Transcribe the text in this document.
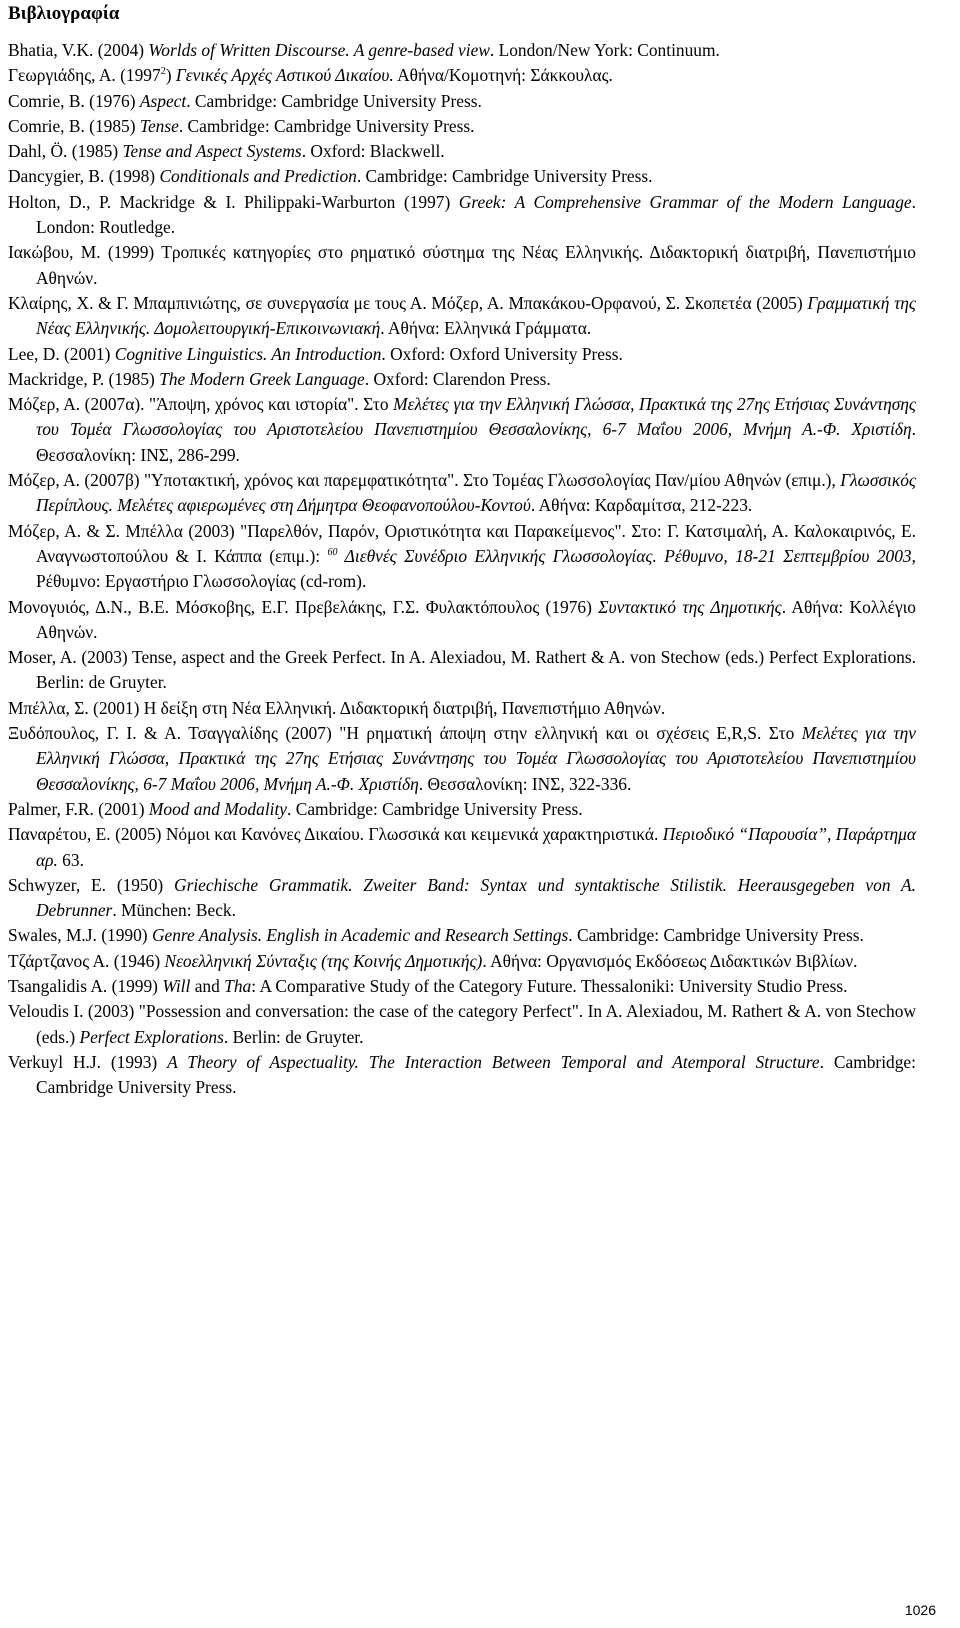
Βιβλιογραφία

Bhatia, V.K. (2004) Worlds of Written Discourse. A genre-based view. London/New York: Continuum.

Γεωργιάδης, Α. (1997$^2$) Γενικές Αρχές Αστικού Δικαίου. Αθήνα/Κομοτηνή: Σάκκουλας.

Comrie, B. (1976) Aspect. Cambridge: Cambridge University Press.

Comrie, B. (1985) Tense. Cambridge: Cambridge University Press.

Dahl, Ö. (1985) Tense and Aspect Systems. Oxford: Blackwell.

Dancygier, B. (1998) Conditionals and Prediction. Cambridge: Cambridge University Press.

Holton, D., P. Mackridge & I. Philippaki-Warburton (1997) Greek: A Comprehensive Grammar of the Modern Language. London: Routledge.

Ιακώβου, Μ. (1999) Τροπικές κατηγορίες στο ρηματικό σύστημα της Νέας Ελληνικής. Διδακτορική διατριβή, Πανεπιστήμιο Αθηνών.

Κλαίρης, Χ. & Γ. Μπαμπινιώτης, σε συνεργασία με τους Α. Μόζερ, Α. Μπακάκου-Ορφανού, Σ. Σκοπετέα (2005) Γραμματική της Νέας Ελληνικής. Δομολειτουργική-Επικοινωνιακή. Αθήνα: Ελληνικά Γράμματα.

Lee, D. (2001) Cognitive Linguistics. An Introduction. Oxford: Oxford University Press.

Mackridge, P. (1985) The Modern Greek Language. Oxford: Clarendon Press.

Μόζερ, Α. (2007α). "Άποψη, χρόνος και ιστορία". Στο Μελέτες για την Ελληνική Γλώσσα, Πρακτικά της 27ης Ετήσιας Συνάντησης του Τομέα Γλωσσολογίας του Αριστοτελείου Πανεπιστημίου Θεσσαλονίκης, 6-7 Μαΐου 2006, Μνήμη Α.-Φ. Χριστίδη. Θεσσαλονίκη: ΙΝΣ, 286-299.

Μόζερ, Α. (2007β) "Υποτακτική, χρόνος και παρεμφατικότητα". Στο Τομέας Γλωσσολογίας Παν/μίου Αθηνών (επιμ.), Γλωσσικός Περίπλους. Μελέτες αφιερωμένες στη Δήμητρα Θεοφανοπούλου-Κοντού. Αθήνα: Καρδαμίτσα, 212-223.

Μόζερ, Α. & Σ. Μπέλλα (2003) "Παρελθόν, Παρόν, Οριστικότητα και Παρακείμενος". Στο: Γ. Κατσιμαλή, Α. Καλοκαιρινός, Ε. Αναγνωστοπούλου & Ι. Κάππα (επιμ.): $^{60}$ Διεθνές Συνέδριο Ελληνικής Γλωσσολογίας. Ρέθυμνο, 18-21 Σεπτεμβρίου 2003, Ρέθυμνο: Εργαστήριο Γλωσσολογίας (cd-rom).

Μονογυιός, Δ.Ν., Β.Ε. Μόσκοβης, Ε.Γ. Πρεβελάκης, Γ.Σ. Φυλακτόπουλος (1976) Συντακτικό της Δημοτικής. Αθήνα: Κολλέγιο Αθηνών.

Moser, A. (2003) Tense, aspect and the Greek Perfect. In A. Alexiadou, M. Rathert & A. von Stechow (eds.) Perfect Explorations. Berlin: de Gruyter.

Μπέλλα, Σ. (2001) Η δείξη στη Νέα Ελληνική. Διδακτορική διατριβή, Πανεπιστήμιο Αθηνών.

Ξυδόπουλος, Γ. Ι. & Α. Τσαγγαλίδης (2007) "Η ρηματική άποψη στην ελληνική και οι σχέσεις E,R,S. Στο Μελέτες για την Ελληνική Γλώσσα, Πρακτικά της 27ης Ετήσιας Συνάντησης του Τομέα Γλωσσολογίας του Αριστοτελείου Πανεπιστημίου Θεσσαλονίκης, 6-7 Μαΐου 2006, Μνήμη Α.-Φ. Χριστίδη. Θεσσαλονίκη: ΙΝΣ, 322-336.

Palmer, F.R. (2001) Mood and Modality. Cambridge: Cambridge University Press.

Παναρέτου, Ε. (2005) Νόμοι και Κανόνες Δικαίου. Γλωσσικά και κειμενικά χαρακτηριστικά. Περιοδικό “Παρουσία”, Παράρτημα αρ. 63.

Schwyzer, E. (1950) Griechische Grammatik. Zweiter Band: Syntax und syntaktische Stilistik. Heerausgegeben von A. Debrunner. München: Beck.

Swales, M.J. (1990) Genre Analysis. English in Academic and Research Settings. Cambridge: Cambridge University Press.

Τζάρτζανος Α. (1946) Νεοελληνική Σύνταξις (της Κοινής Δημοτικής). Αθήνα: Οργανισμός Εκδόσεως Διδακτικών Βιβλίων.

Tsangalidis A. (1999) Will and Tha: A Comparative Study of the Category Future. Thessaloniki: University Studio Press.

Veloudis I. (2003) "Possession and conversation: the case of the category Perfect". In A. Alexiadou, M. Rathert & A. von Stechow (eds.) Perfect Explorations. Berlin: de Gruyter.

Verkuyl H.J. (1993) A Theory of Aspectuality. The Interaction Between Temporal and Atemporal Structure. Cambridge: Cambridge University Press.

1026
